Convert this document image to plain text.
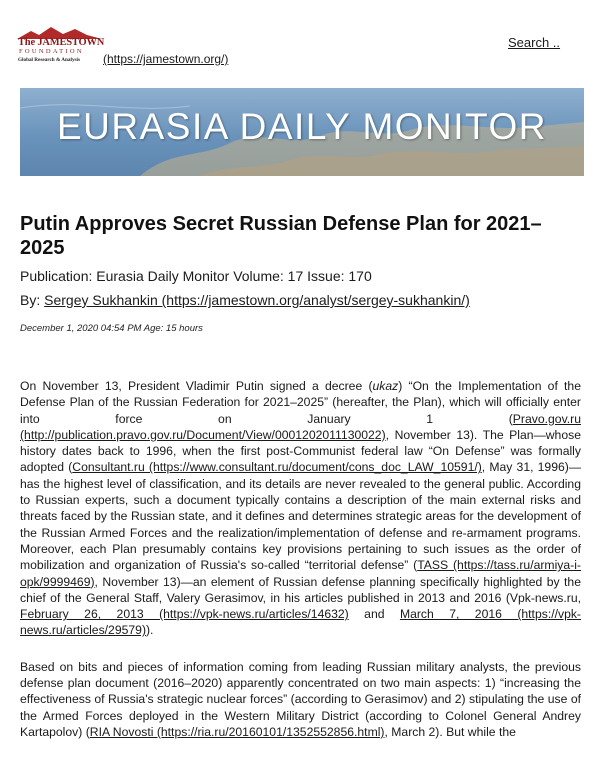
The JAMESTOWN
FOUNDATION
Global Research & Analysis (https://jamestown.org/)
Search ..
EURASIA DAILY MONITOR
Putin Approves Secret Russian Defense Plan for 2021–2025
Publication: Eurasia Daily Monitor Volume: 17 Issue: 170
By: Sergey Sukhankin (https://jamestown.org/analyst/sergey-sukhankin/)
December 1, 2020 04:54 PM Age: 15 hours

On November 13, President Vladimir Putin signed a decree (ukaz) “On the Implementation of the Defense Plan of the Russian Federation for 2021–2025” (hereafter, the Plan), which will officially enter into force on January 1 (Pravo.gov.ru (http://publication.pravo.gov.ru/Document/View/0001202011130022), November 13). The Plan—whose history dates back to 1996, when the first post-Communist federal law “On Defense” was formally adopted (Consultant.ru (https://www.consultant.ru/document/cons_doc_LAW_10591/), May 31, 1996)—has the highest level of classification, and its details are never revealed to the general public. According to Russian experts, such a document typically contains a description of the main external risks and threats faced by the Russian state, and it defines and determines strategic areas for the development of the Russian Armed Forces and the realization/implementation of defense and re-armament programs. Moreover, each Plan presumably contains key provisions pertaining to such issues as the order of mobilization and organization of Russia's so-called “territorial defense” (TASS (https://tass.ru/armiya-i-opk/9999469), November 13)—an element of Russian defense planning specifically highlighted by the chief of the General Staff, Valery Gerasimov, in his articles published in 2013 and 2016 (Vpk-news.ru, February 26, 2013 (https://vpk-news.ru/articles/14632) and March 7, 2016 (https://vpk-news.ru/articles/29579)).

Based on bits and pieces of information coming from leading Russian military analysts, the previous defense plan document (2016–2020) apparently concentrated on two main aspects: 1) “increasing the effectiveness of Russia's strategic nuclear forces” (according to Gerasimov) and 2) stipulating the use of the Armed Forces deployed in the Western Military District (according to Colonel General Andrey Kartapolov) (RIA Novosti (https://ria.ru/20160101/1352552856.html), March 2). But while the
